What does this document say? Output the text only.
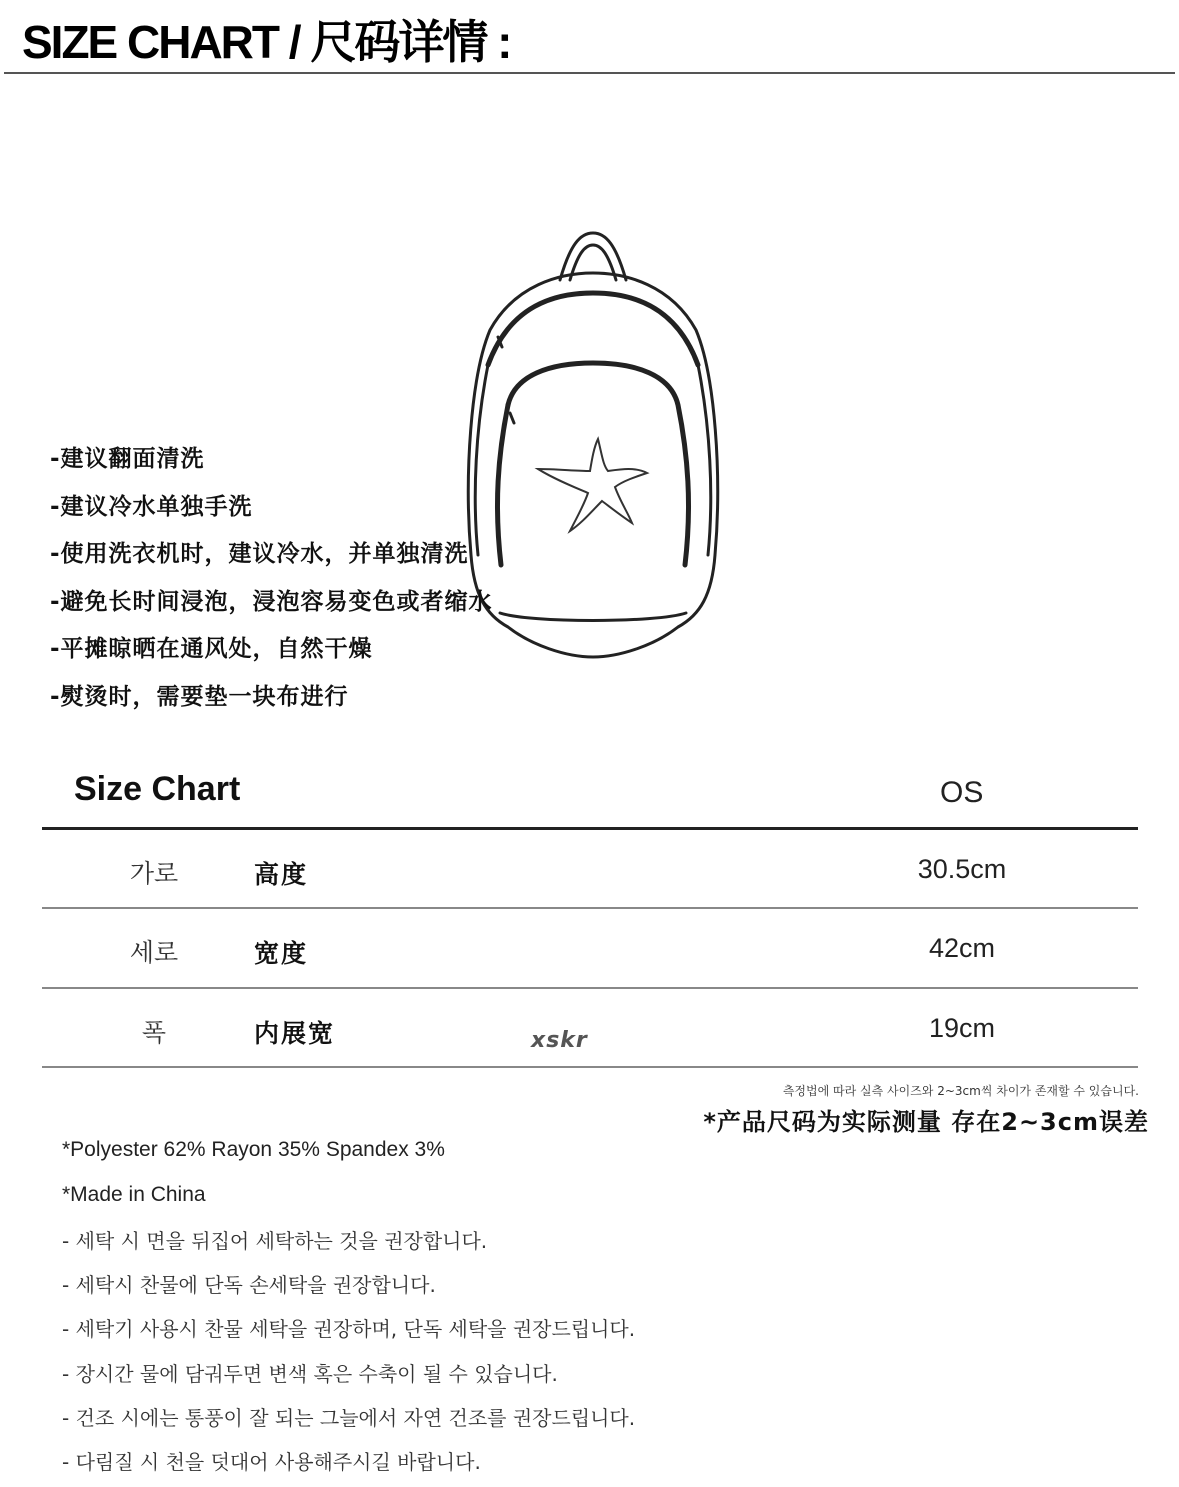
SIZE CHART / 尺码详情 :
-建议翻面清洗
-建议冷水单独手洗
-使用洗衣机时，建议冷水，并单独清洗
-避免长时间浸泡，浸泡容易变色或者缩水
-平摊晾晒在通风处，自然干燥
-熨烫时，需要垫一块布进行
Size Chart	OS
가로	高度	30.5cm
세로	宽度	42cm
폭	内展宽	19cm
xskr
측정법에 따라 실측 사이즈와 2~3cm씩 차이가 존재할 수 있습니다.
*产品尺码为实际测量 存在2~3cm误差
*Polyester 62% Rayon 35% Spandex 3%
*Made in China
- 세탁 시 면을 뒤집어 세탁하는 것을 권장합니다.
- 세탁시 찬물에 단독 손세탁을 권장합니다.
- 세탁기 사용시 찬물 세탁을 권장하며, 단독 세탁을 권장드립니다.
- 장시간 물에 담궈두면 변색 혹은 수축이 될 수 있습니다.
- 건조 시에는 통풍이 잘 되는 그늘에서 자연 건조를 권장드립니다.
- 다림질 시 천을 덧대어 사용해주시길 바랍니다.
